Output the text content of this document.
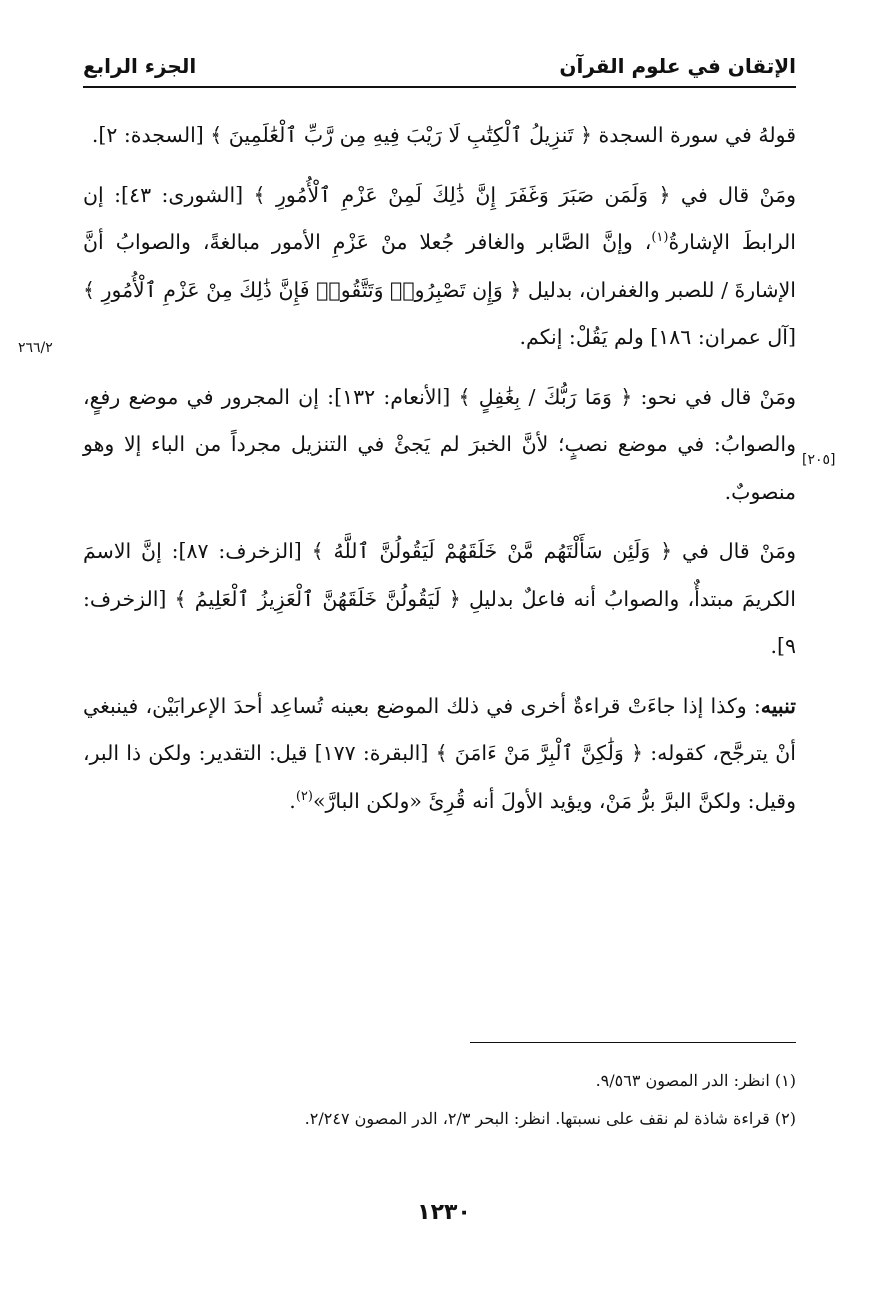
الإتقان في علوم القرآن
الجزء الرابع
٢٦٦/٢
[٢٠٥]

قولهُ في سورة السجدة ﴿ تَنزِيلُ ٱلْكِتَٰبِ لَا رَيْبَ فِيهِ مِن رَّبِّ ٱلْعَٰلَمِينَ ﴾ [السجدة: ٢].

ومَنْ قال في ﴿ وَلَمَن صَبَرَ وَغَفَرَ إِنَّ ذَٰلِكَ لَمِنْ عَزْمِ ٱلْأُمُورِ ﴾ [الشورى: ٤٣]: إن الرابطَ الإشارةُ$^{(١)}$، وإنَّ الصَّابر والغافر جُعلا منْ عَزْمِ الأمور مبالغةً، والصوابُ أنَّ الإشارةَ / للصبر والغفران، بدليل ﴿ وَإِن تَصْبِرُوا۟ وَتَتَّقُوا۟ فَإِنَّ ذَٰلِكَ مِنْ عَزْمِ ٱلْأُمُورِ ﴾ [آل عمران: ١٨٦] ولم يَقُلْ: إنكم.

ومَنْ قال في نحو: ﴿ وَمَا رَبُّكَ / بِغَٰفِلٍ ﴾ [الأنعام: ١٣٢]: إن المجرور في موضع رفعٍ، والصوابُ: في موضع نصبٍ؛ لأنَّ الخبرَ لم يَجئْ في التنزيل مجرداً من الباء إلا وهو منصوبٌ.

ومَنْ قال في ﴿ وَلَئِن سَأَلْتَهُم مَّنْ خَلَقَهُمْ لَيَقُولُنَّ ٱللَّهُ ﴾ [الزخرف: ٨٧]: إنَّ الاسمَ الكريمَ مبتدأٌ، والصوابُ أنه فاعلٌ بدليلِ ﴿ لَيَقُولُنَّ خَلَقَهُنَّ ٱلْعَزِيزُ ٱلْعَلِيمُ ﴾ [الزخرف: ٩].

تنبيه: وكذا إذا جاءَتْ قراءةٌ أخرى في ذلك الموضع بعينه تُساعِد أحدَ الإعرابَيْن، فينبغي أنْ يترجَّح، كقوله: ﴿ وَلَٰكِنَّ ٱلْبِرَّ مَنْ ءَامَنَ ﴾ [البقرة: ١٧٧] قيل: التقدير: ولكن ذا البر، وقيل: ولكنَّ البرَّ برُّ مَنْ، ويؤيد الأولَ أنه قُرِئَ «ولكن البارَّ»$^{(٢)}$.

(١) انظر: الدر المصون ٩/٥٦٣.
(٢) قراءة شاذة لم نقف على نسبتها. انظر: البحر ٢/٣، الدر المصون ٢/٢٤٧.
١٢٣٠
